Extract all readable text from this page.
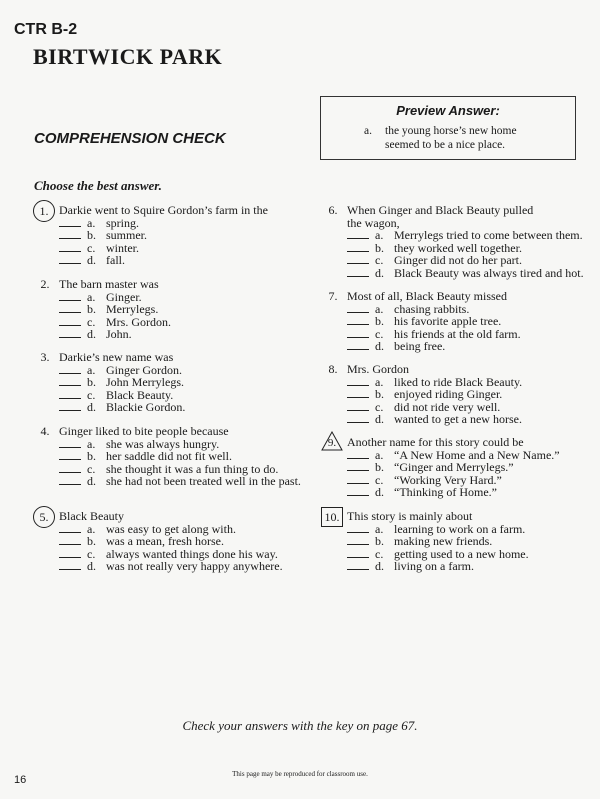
CTR B-2
BIRTWICK PARK
Preview Answer:
a. the young horse’s new home
seemed to be a nice place.
COMPREHENSION CHECK
Choose the best answer.
1. Darkie went to Squire Gordon’s farm in the
a. spring.
b. summer.
c. winter.
d. fall.
2. The barn master was
a. Ginger.
b. Merrylegs.
c. Mrs. Gordon.
d. John.
3. Darkie’s new name was
a. Ginger Gordon.
b. John Merrylegs.
c. Black Beauty.
d. Blackie Gordon.
4. Ginger liked to bite people because
a. she was always hungry.
b. her saddle did not fit well.
c. she thought it was a fun thing to do.
d. she had not been treated well in the past.
5. Black Beauty
a. was easy to get along with.
b. was a mean, fresh horse.
c. always wanted things done his way.
d. was not really very happy anywhere.
6. When Ginger and Black Beauty pulled
the wagon,
a. Merrylegs tried to come between them.
b. they worked well together.
c. Ginger did not do her part.
d. Black Beauty was always tired and hot.
7. Most of all, Black Beauty missed
a. chasing rabbits.
b. his favorite apple tree.
c. his friends at the old farm.
d. being free.
8. Mrs. Gordon
a. liked to ride Black Beauty.
b. enjoyed riding Ginger.
c. did not ride very well.
d. wanted to get a new horse.
9. Another name for this story could be
a. “A New Home and a New Name.”
b. “Ginger and Merrylegs.”
c. “Working Very Hard.”
d. “Thinking of Home.”
10. This story is mainly about
a. learning to work on a farm.
b. making new friends.
c. getting used to a new home.
d. living on a farm.
Check your answers with the key on page 67.
16	This page may be reproduced for classroom use.
